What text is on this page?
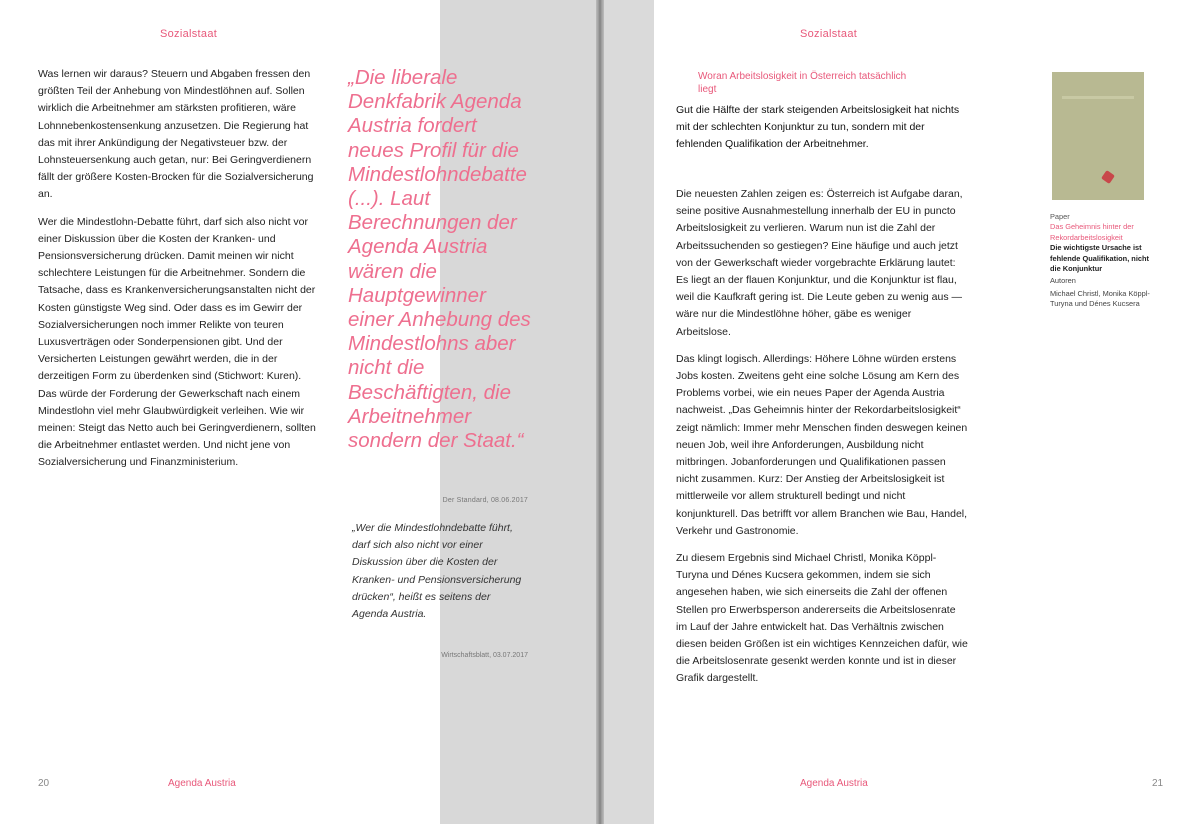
Sozialstaat

Was lernen wir daraus? Steuern und Abgaben fressen den größten Teil der Anhebung von Mindestlöhnen auf. Sollen wirklich die Arbeitnehmer am stärksten profitieren, wäre Lohnnebenkostensenkung anzusetzen. Die Regierung hat das mit ihrer Ankündigung der Negativsteuer bzw. der Lohnsteuersenkung auch getan, nur: Bei Geringverdienern fällt der größere Kosten-Brocken für die Sozialversicherung an.

Wer die Mindestlohn-Debatte führt, darf sich also nicht vor einer Diskussion über die Kosten der Kranken- und Pensionsversicherung drücken. Damit meinen wir nicht schlechtere Leistungen für die Arbeitnehmer. Sondern die Tatsache, dass es Krankenversicherungsanstalten nicht der Kosten günstigste Weg sind. Oder dass es im Gewirr der Sozialversicherungen noch immer Relikte von teuren Luxusverträgen oder Sonderpensionen gibt. Und der Versicherten Leistungen gewährt werden, die in der derzeitigen Form zu überdenken sind (Stichwort: Kuren). Das würde der Forderung der Gewerkschaft nach einem Mindestlohn viel mehr Glaubwürdigkeit verleihen. Wie wir meinen: Steigt das Netto auch bei Geringverdienern, sollten die Arbeitnehmer entlastet werden. Und nicht jene von Sozialversicherung und Finanzministerium.

20	Agenda Austria
„Die liberale Denkfabrik Agenda Austria fordert neues Profil für die Mindestlohndebatte (...). Laut Berechnungen der Agenda Austria wären die Hauptgewinner einer Anhebung des Mindestlohns aber nicht die Beschäftigten, die Arbeitnehmer sondern der Staat.“
Der Standard, 08.06.2017
„Wer die Mindestlohndebatte führt, darf sich also nicht vor einer Diskussion über die Kosten der Kranken- und Pensionsversicherung drücken“, heißt es seitens der Agenda Austria.
Wirtschaftsblatt, 03.07.2017
Sozialstaat
21
Agenda Austria
Woran Arbeitslosigkeit in Österreich tatsächlich liegt
Gut die Hälfte der stark steigenden Arbeitslosigkeit hat nichts mit der schlechten Konjunktur zu tun, sondern mit der fehlenden Qualifikation der Arbeitnehmer.

Die neuesten Zahlen zeigen es: Österreich ist Aufgabe daran, seine positive Ausnahmestellung innerhalb der EU in puncto Arbeitslosigkeit zu verlieren. Warum nun ist die Zahl der Arbeitssuchenden so gestiegen? Eine häufige und auch jetzt von der Gewerkschaft wieder vorgebrachte Erklärung lautet: Es liegt an der flauen Konjunktur, und die Konjunktur ist flau, weil die Kaufkraft gering ist. Die Leute geben zu wenig aus — wäre nur die Mindestlöhne höher, gäbe es weniger Arbeitslose.

Das klingt logisch. Allerdings: Höhere Löhne würden erstens Jobs kosten. Zweitens geht eine solche Lösung am Kern des Problems vorbei, wie ein neues Paper der Agenda Austria nachweist. „Das Geheimnis hinter der Rekordarbeitslosigkeit“ zeigt nämlich: Immer mehr Menschen finden deswegen keinen neuen Job, weil ihre Anforderungen, Ausbildung nicht mitbringen. Jobanforderungen und Qualifikationen passen nicht zusammen. Kurz: Der Anstieg der Arbeitslosigkeit ist mittlerweile vor allem strukturell bedingt und nicht konjunkturell. Das betrifft vor allem Branchen wie Bau, Handel, Verkehr und Gastronomie.

Zu diesem Ergebnis sind Michael Christl, Monika Köppl-Turyna und Dénes Kucsera gekommen, indem sie sich angesehen haben, wie sich einerseits die Zahl der offenen Stellen pro Erwerbsperson andererseits die Arbeitslosenrate im Lauf der Jahre entwickelt hat. Das Verhältnis zwischen diesen beiden Größen ist ein wichtiges Kennzeichen dafür, wie die Arbeitslosenrate gesenkt werden konnte und ist in dieser Grafik dargestellt.

Paper
Das Geheimnis hinter der Rekordarbeitslosigkeit
Die wichtigste Ursache ist fehlende Qualifikation, nicht die Konjunktur
Autoren
Michael Christl, Monika Köppl-Turyna und Dénes Kucsera
